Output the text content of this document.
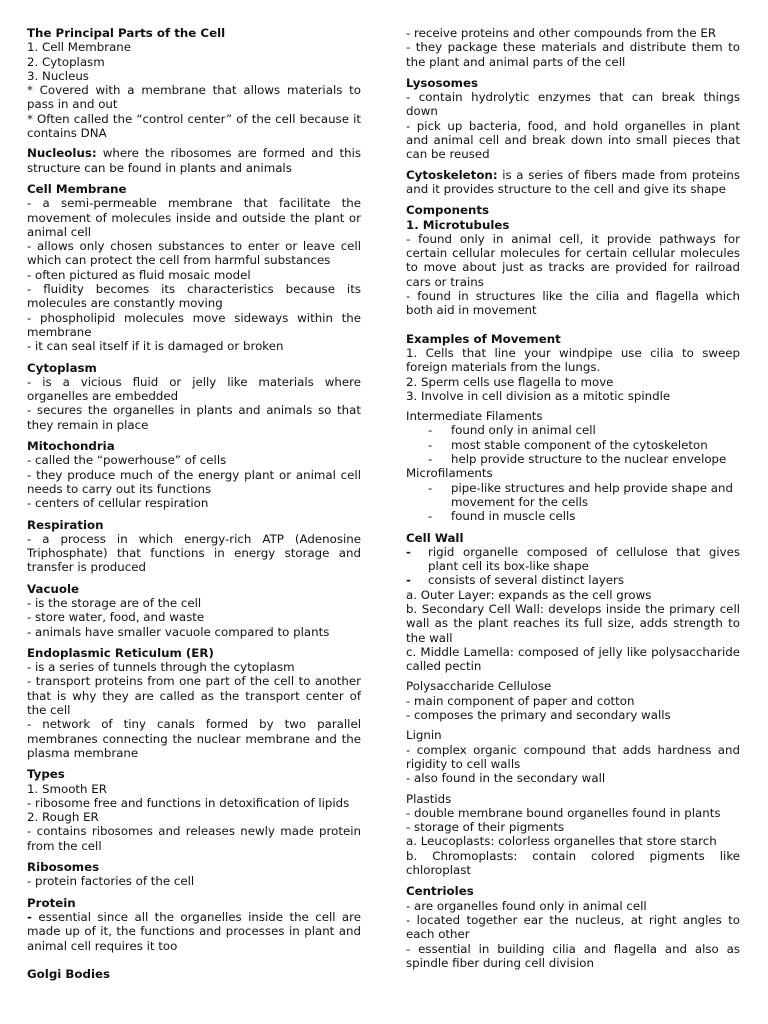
The Principal Parts of the Cell
1. Cell Membrane
2. Cytoplasm
3. Nucleus
* Covered with a membrane that allows materials to pass in and out
* Often called the “control center” of the cell because it contains DNA
Nucleolus: where the ribosomes are formed and this structure can be found in plants and animals
Cell Membrane
- a semi-permeable membrane that facilitate the movement of molecules inside and outside the plant or animal cell
- allows only chosen substances to enter or leave cell which can protect the cell from harmful substances
- often pictured as fluid mosaic model
- fluidity becomes its characteristics because its molecules are constantly moving
- phospholipid molecules move sideways within the membrane
- it can seal itself if it is damaged or broken
Cytoplasm
- is a vicious fluid or jelly like materials where organelles are embedded
- secures the organelles in plants and animals so that they remain in place
Mitochondria
- called the “powerhouse” of cells
- they produce much of the energy plant or animal cell needs to carry out its functions
- centers of cellular respiration
Respiration
- a process in which energy-rich ATP (Adenosine Triphosphate) that functions in energy storage and transfer is produced
Vacuole
- is the storage are of the cell
- store water, food, and waste
- animals have smaller vacuole compared to plants
Endoplasmic Reticulum (ER)
- is a series of tunnels through the cytoplasm
- transport proteins from one part of the cell to another that is why they are called as the transport center of the cell
- network of tiny canals formed by two parallel membranes connecting the nuclear membrane and the plasma membrane
Types
1. Smooth ER
- ribosome free and functions in detoxification of lipids
2. Rough ER
- contains ribosomes and releases newly made protein from the cell
Ribosomes
- protein factories of the cell
Protein
- essential since all the organelles inside the cell are made up of it, the functions and processes in plant and animal cell requires it too
Golgi Bodies
- receive proteins and other compounds from the ER
- they package these materials and distribute them to the plant and animal parts of the cell
Lysosomes
- contain hydrolytic enzymes that can break things down
- pick up bacteria, food, and hold organelles in plant and animal cell and break down into small pieces that can be reused
Cytoskeleton: is a series of fibers made from proteins and it provides structure to the cell and give its shape
Components
1. Microtubules
- found only in animal cell, it provide pathways for certain cellular molecules for certain cellular molecules to move about just as tracks are provided for railroad cars or trains
- found in structures like the cilia and flagella which both aid in movement
Examples of Movement
1. Cells that line your windpipe use cilia to sweep foreign materials from the lungs.
2. Sperm cells use flagella to move
3. Involve in cell division as a mitotic spindle
Intermediate Filaments
- found only in animal cell
- most stable component of the cytoskeleton
- help provide structure to the nuclear envelope
Microfilaments
- pipe-like structures and help provide shape and movement for the cells
- found in muscle cells
Cell Wall
- rigid organelle composed of cellulose that gives plant cell its box-like shape
- consists of several distinct layers
a. Outer Layer: expands as the cell grows
b. Secondary Cell Wall: develops inside the primary cell wall as the plant reaches its full size, adds strength to the wall
c. Middle Lamella: composed of jelly like polysaccharide called pectin
Polysaccharide Cellulose
- main component of paper and cotton
- composes the primary and secondary walls
Lignin
- complex organic compound that adds hardness and rigidity to cell walls
- also found in the secondary wall
Plastids
- double membrane bound organelles found in plants
- storage of their pigments
a. Leucoplasts: colorless organelles that store starch
b. Chromoplasts: contain colored pigments like chloroplast
Centrioles
- are organelles found only in animal cell
- located together ear the nucleus, at right angles to each other
- essential in building cilia and flagella and also as spindle fiber during cell division
